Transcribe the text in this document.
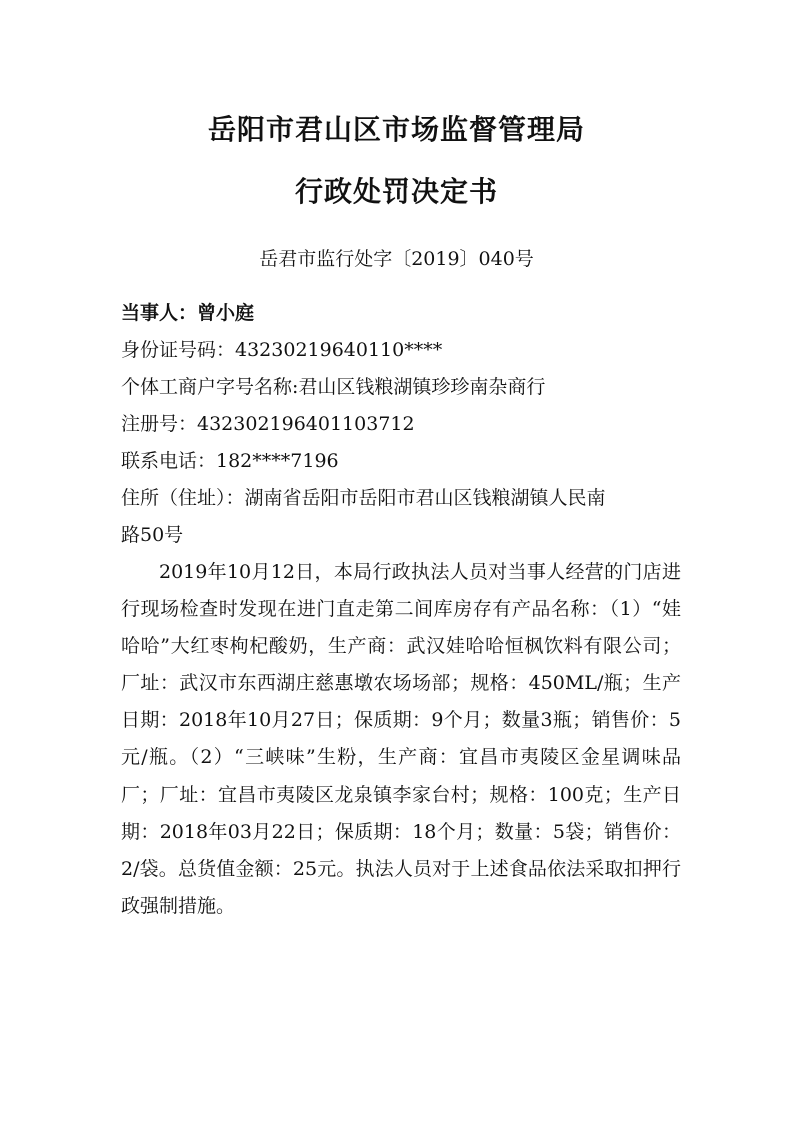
岳阳市君山区市场监督管理局
行政处罚决定书
岳君市监行处字〔2019〕040号
当事人：曾小庭
身份证号码：43230219640110****
个体工商户字号名称:君山区钱粮湖镇珍珍南杂商行
注册号：432302196401103712
联系电话：182****7196
住所（住址）：湖南省岳阳市岳阳市君山区钱粮湖镇人民南
路50号
2019年10月12日，本局行政执法人员对当事人经营的门店进行现场检查时发现在进门直走第二间库房存有产品名称：（1）“娃哈哈”大红枣枸杞酸奶，生产商：武汉娃哈哈恒枫饮料有限公司；厂址：武汉市东西湖庄慈惠墩农场场部；规格：450ML/瓶；生产日期：2018年10月27日；保质期：9个月；数量3瓶；销售价：5元/瓶。（2）“三峡味”生粉，生产商：宜昌市夷陵区金星调味品厂；厂址：宜昌市夷陵区龙泉镇李家台村；规格：100克；生产日期：2018年03月22日；保质期：18个月；数量：5袋；销售价：2/袋。总货值金额：25元。执法人员对于上述食品依法采取扣押行政强制措施。
